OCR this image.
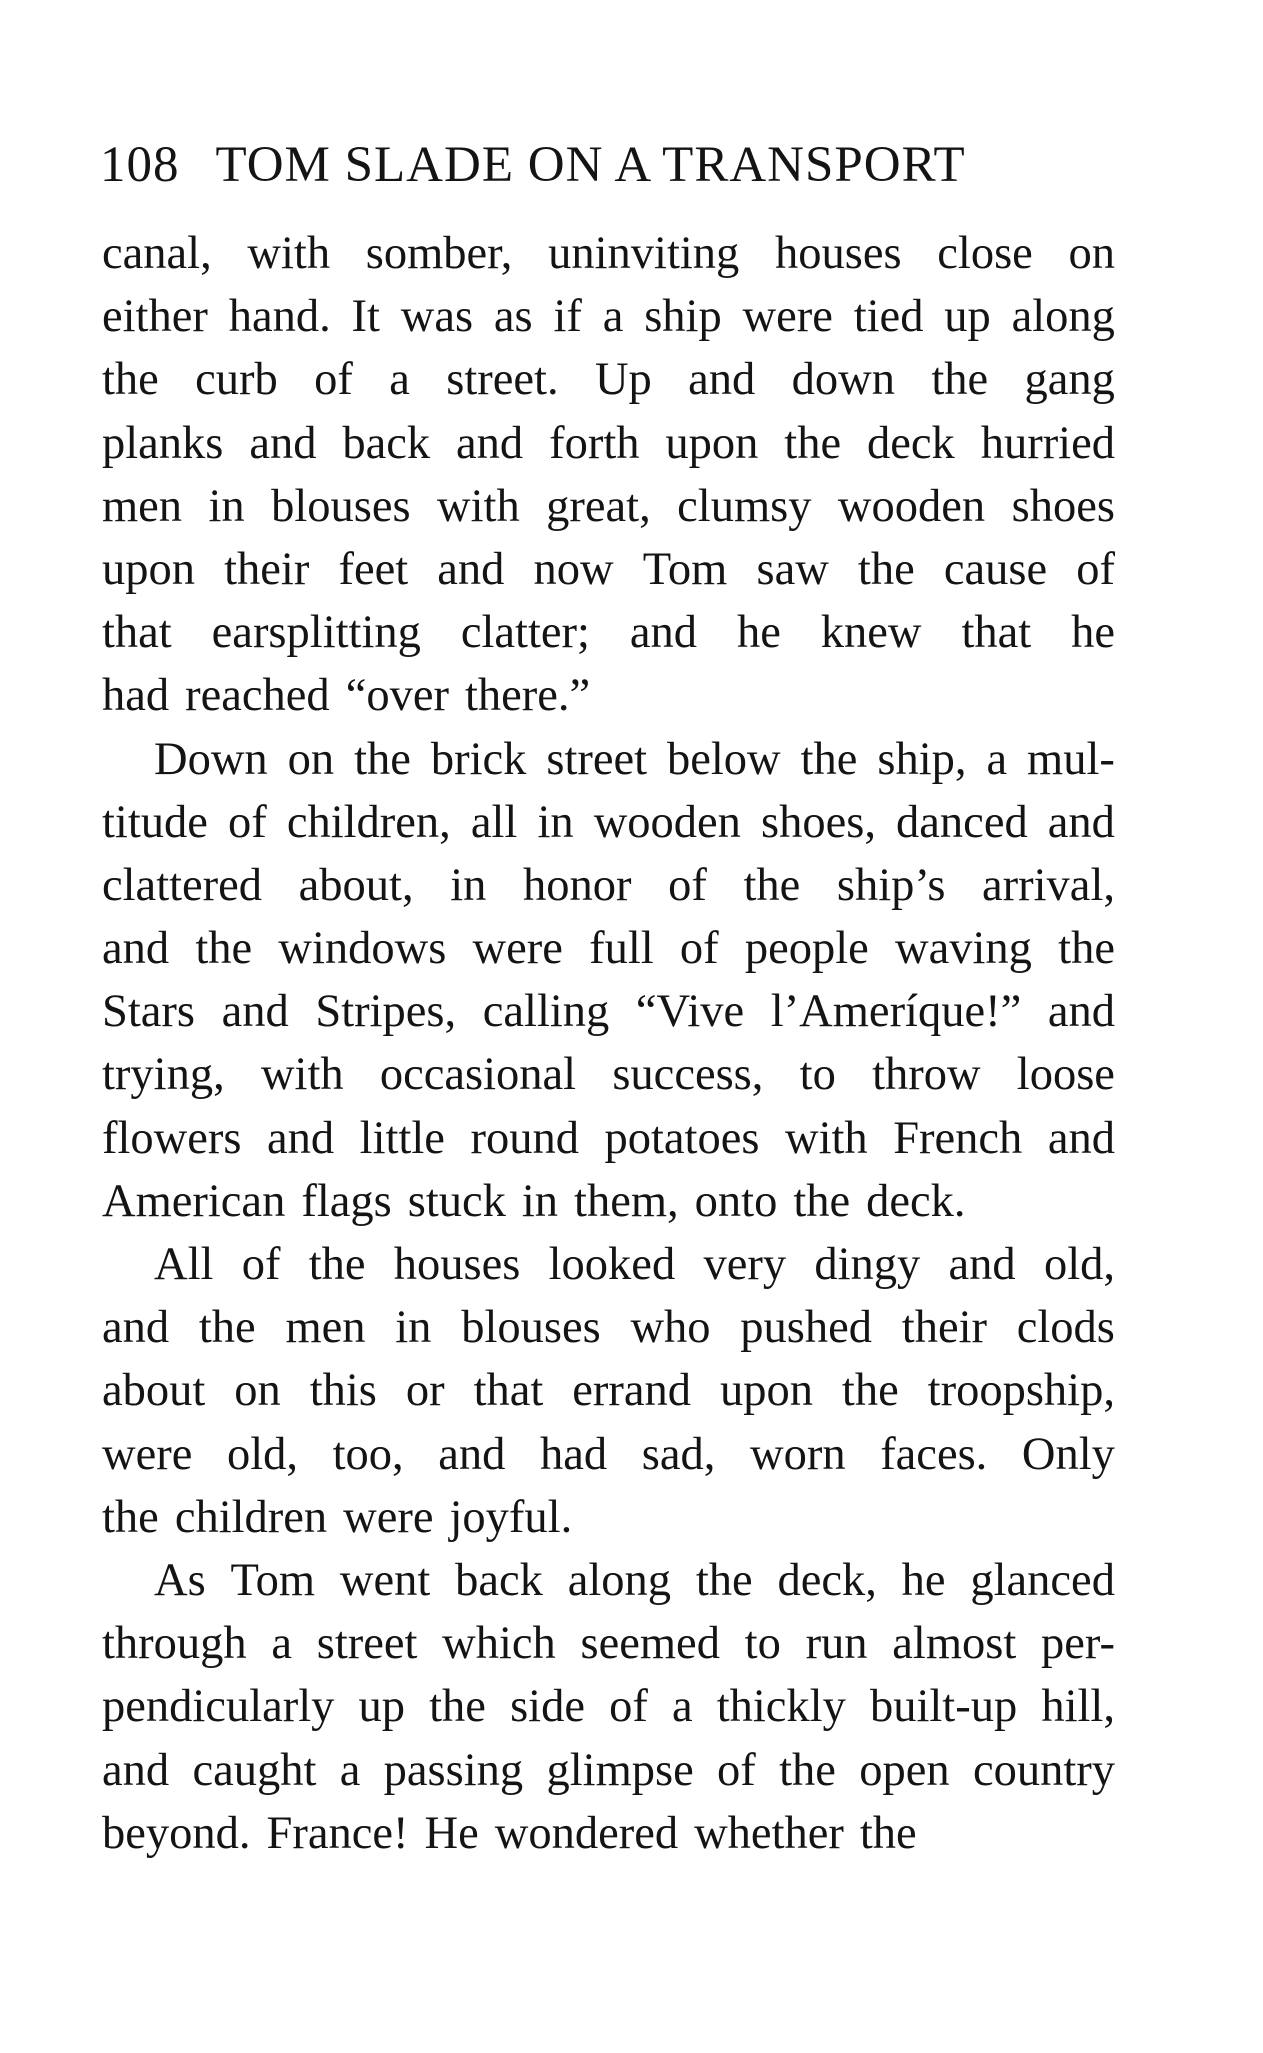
108 TOM SLADE ON A TRANSPORT
canal, with somber, uninviting houses close on
either hand. It was as if a ship were tied up along
the curb of a street. Up and down the gang
planks and back and forth upon the deck hurried
men in blouses with great, clumsy wooden shoes
upon their feet and now Tom saw the cause of
that earsplitting clatter; and he knew that he
had reached “over there.”
Down on the brick street below the ship, a mul-
titude of children, all in wooden shoes, danced and
clattered about, in honor of the ship’s arrival,
and the windows were full of people waving the
Stars and Stripes, calling “Vive l’Ameríque!” and
trying, with occasional success, to throw loose
flowers and little round potatoes with French and
American flags stuck in them, onto the deck.
All of the houses looked very dingy and old,
and the men in blouses who pushed their clods
about on this or that errand upon the troopship,
were old, too, and had sad, worn faces. Only
the children were joyful.
As Tom went back along the deck, he glanced
through a street which seemed to run almost per-
pendicularly up the side of a thickly built-up hill,
and caught a passing glimpse of the open country
beyond. France! He wondered whether the
